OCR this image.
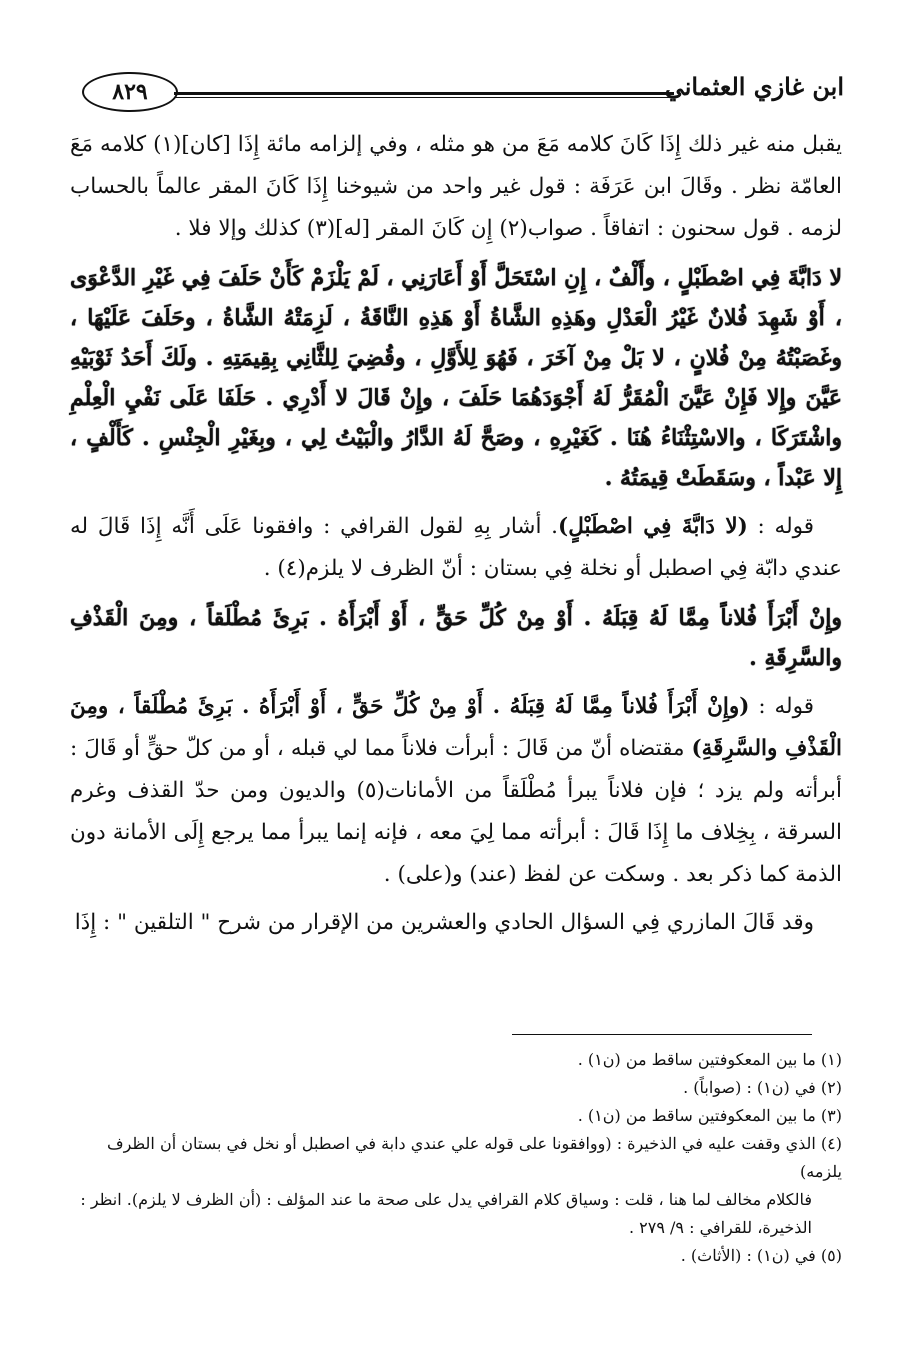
٨٢٩	ابن غازي العثماني

يقبل منه غير ذلك إِذَا كَانَ كلامه مَعَ من هو مثله ، وفي إلزامه مائة إِذَا [كان](١) كلامه مَعَ العامّة نظر . وقَالَ ابن عَرَفَة : قول غير واحد من شيوخنا إِذَا كَانَ المقر عالماً بالحساب لزمه . قول سحنون : اتفاقاً . صواب(٢) إِن كَانَ المقر [له](٣) كذلك وإلا فلا .

لا دَابَّةَ فِي اصْطَبْلٍ ، وأَلْفٌ ، إِنِ اسْتَحَلَّ أَوْ أَعَارَنِي ، لَمْ يَلْزَمْ كَأَنْ حَلَفَ فِي غَيْرِ الدَّعْوَى ، أَوْ شَهِدَ فُلانٌ غَيْرُ الْعَدْلِ وهَذِهِ الشَّاةُ أَوْ هَذِهِ النَّاقَةُ ، لَزِمَتْهُ الشَّاةُ ، وحَلَفَ عَلَيْهَا ، وغَصَبْتُهُ مِنْ فُلانٍ ، لا بَلْ مِنْ آخَرَ ، فَهُوَ لِلأَوَّلِ ، وقُضِيَ لِلثَّانِي بِقِيمَتِهِ . ولَكَ أَحَدُ ثَوْبَيْهِ عَيَّنَ وإِلا فَإِنْ عَيَّنَ الْمُقَرُّ لَهُ أَجْوَدَهُمَا حَلَفَ ، وإِنْ قَالَ لا أَدْرِي . حَلَفَا عَلَى نَفْيِ الْعِلْمِ واشْتَرَكَا ، والاسْتِثْنَاءُ هُنَا . كَغَيْرِهِ ، وصَحَّ لَهُ الدَّارُ والْبَيْتُ لِي ، وبِغَيْرِ الْجِنْسِ . كَأَلْفٍ ، إِلا عَبْداً ، وسَقَطَتْ قِيمَتُهُ .

قوله : (لا دَابَّةَ فِي اصْطَبْلٍ). أشار بِهِ لقول القرافي : وافقونا عَلَى أَنَّه إِذَا قَالَ له عندي دابّة فِي اصطبل أو نخلة فِي بستان : أنّ الظرف لا يلزم(٤) .

وإِنْ أَبْرَأَ فُلاناً مِمَّا لَهُ قِبَلَهُ . أَوْ مِنْ كُلِّ حَقٍّ ، أَوْ أَبْرَأَهُ . بَرِئَ مُطْلَقاً ، ومِنَ الْقَذْفِ والسَّرِقَةِ .

قوله : (وإِنْ أَبْرَأَ فُلاناً مِمَّا لَهُ قِبَلَهُ . أَوْ مِنْ كُلِّ حَقٍّ ، أَوْ أَبْرَأَهُ . بَرِئَ مُطْلَقاً ، ومِنَ الْقَذْفِ والسَّرِقَةِ) مقتضاه أنّ من قَالَ : أبرأت فلاناً مما لي قبله ، أو من كلّ حقٍّ أو قَالَ : أبرأته ولم يزد ؛ فإن فلاناً يبرأ مُطْلَقاً من الأمانات(٥) والديون ومن حدّ القذف وغرم السرقة ، بِخِلاف ما إِذَا قَالَ : أبرأته مما لِيَ معه ، فإنه إنما يبرأ مما يرجع إِلَى الأمانة دون الذمة كما ذكر بعد . وسكت عن لفظ (عند) و(على) .

وقد قَالَ المازري فِي السؤال الحادي والعشرين من الإقرار من شرح " التلقين " : إِذَا

(١) ما بين المعكوفتين ساقط من (ن١) .

(٢) في (ن١) : (صواباً) .

(٣) ما بين المعكوفتين ساقط من (ن١) .

(٤) الذي وقفت عليه في الذخيرة : (ووافقونا على قوله علي عندي دابة في اصطبل أو نخل في بستان أن الظرف يلزمه)

فالكلام مخالف لما هنا ، قلت : وسياق كلام القرافي يدل على صحة ما عند المؤلف : (أن الظرف لا يلزم). انظر :

الذخيرة، للقرافي : ٩/ ٢٧٩ .

(٥) في (ن١) : (الأثاث) .
